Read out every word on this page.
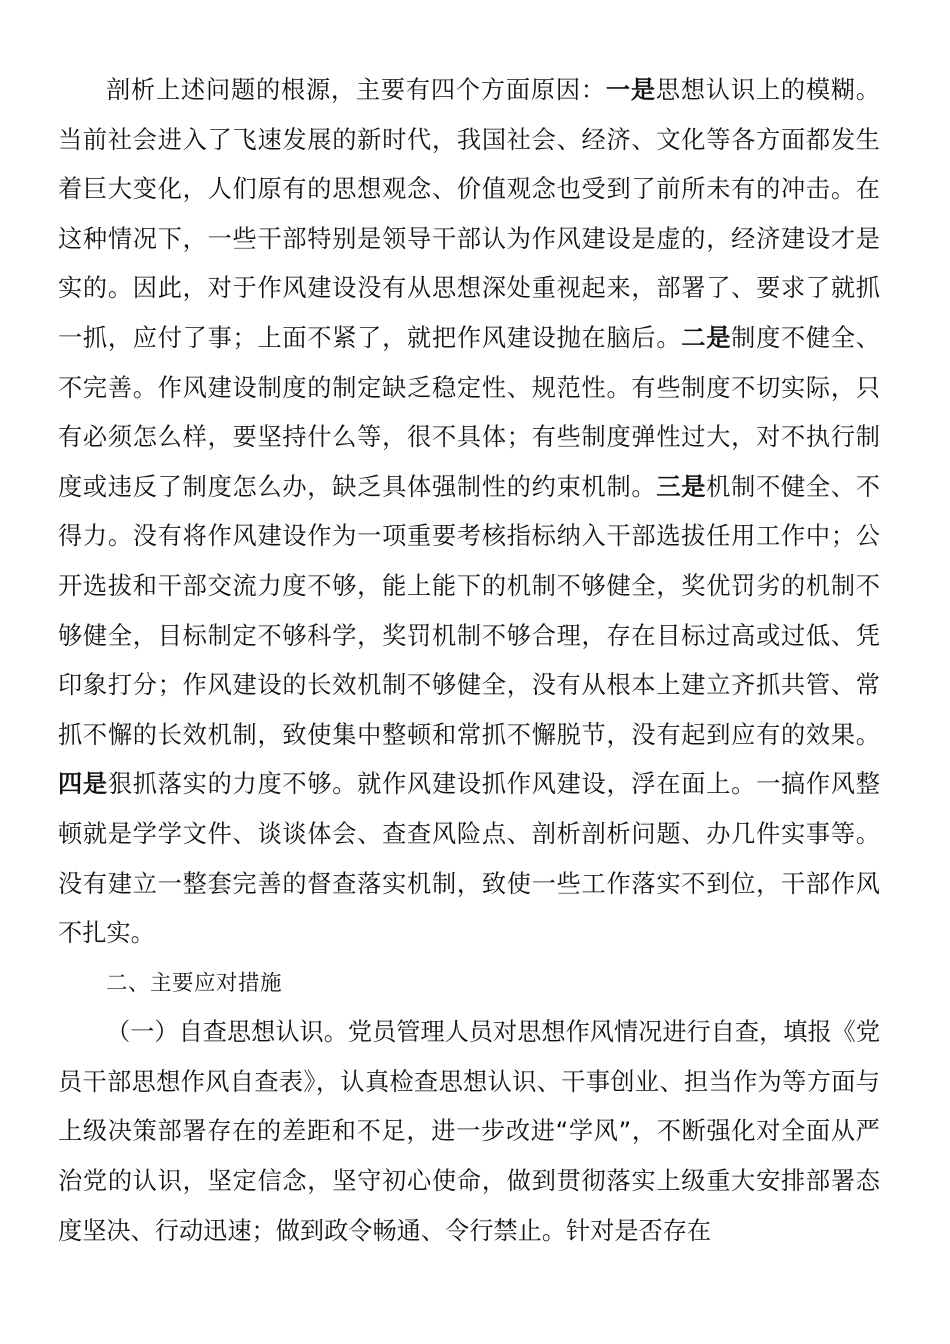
剖析上述问题的根源，主要有四个方面原因：一是思想认识上的模糊。当前社会进入了飞速发展的新时代，我国社会、经济、文化等各方面都发生着巨大变化，人们原有的思想观念、价值观念也受到了前所未有的冲击。在这种情况下，一些干部特别是领导干部认为作风建设是虚的，经济建设才是实的。因此，对于作风建设没有从思想深处重视起来，部署了、要求了就抓一抓，应付了事；上面不紧了，就把作风建设抛在脑后。二是制度不健全、不完善。作风建设制度的制定缺乏稳定性、规范性。有些制度不切实际，只有必须怎么样，要坚持什么等，很不具体；有些制度弹性过大，对不执行制度或违反了制度怎么办，缺乏具体强制性的约束机制。三是机制不健全、不得力。没有将作风建设作为一项重要考核指标纳入干部选拔任用工作中；公开选拔和干部交流力度不够，能上能下的机制不够健全，奖优罚劣的机制不够健全，目标制定不够科学，奖罚机制不够合理，存在目标过高或过低、凭印象打分；作风建设的长效机制不够健全，没有从根本上建立齐抓共管、常抓不懈的长效机制，致使集中整顿和常抓不懈脱节，没有起到应有的效果。四是狠抓落实的力度不够。就作风建设抓作风建设，浮在面上。一搞作风整顿就是学学文件、谈谈体会、查查风险点、剖析剖析问题、办几件实事等。没有建立一整套完善的督查落实机制，致使一些工作落实不到位，干部作风不扎实。

二、主要应对措施

（一）自查思想认识。党员管理人员对思想作风情况进行自查，填报《党员干部思想作风自查表》，认真检查思想认识、干事创业、担当作为等方面与上级决策部署存在的差距和不足，进一步改进“学风”，不断强化对全面从严治党的认识，坚定信念，坚守初心使命，做到贯彻落实上级重大安排部署态度坚决、行动迅速；做到政令畅通、令行禁止。针对是否存在
